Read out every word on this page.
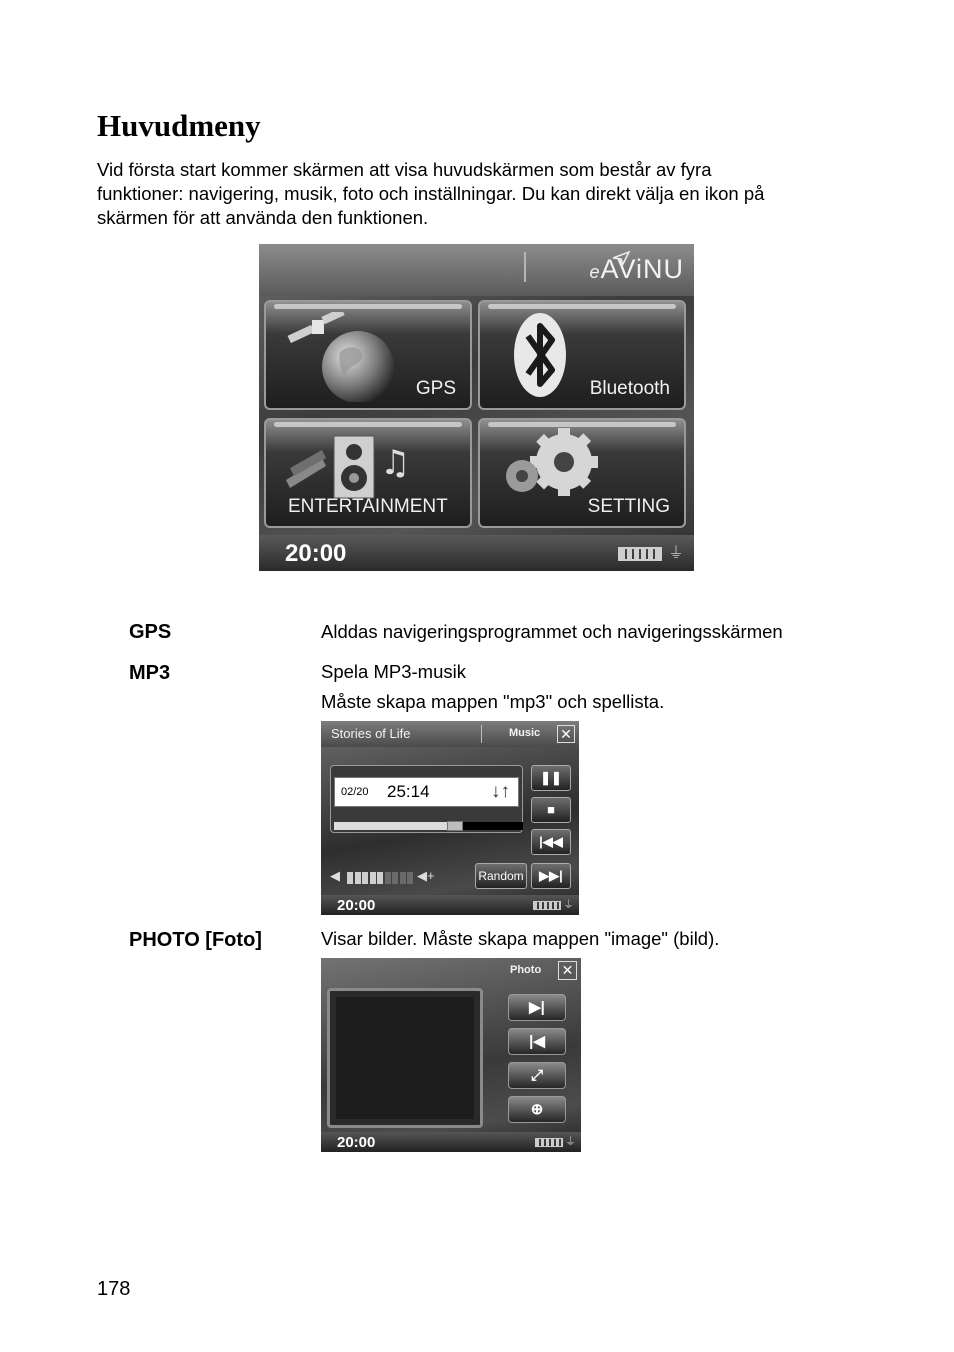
Huvudmeny
Vid första start kommer skärmen att visa huvudskärmen som består av fyra
funktioner: navigering, musik, foto och inställningar. Du kan direkt välja en ikon på
skärmen för att använda den funktionen.
eAViNU
GPS	Bluetooth
♫
ENTERTAINMENT	SETTING
20:00	⏚
GPS	Alddas navigeringsprogrammet och navigeringsskärmen
MP3	Spela MP3-musik
Måste skapa mappen "mp3" och spellista.
Stories of Life	Music ✕
02/20 25:14	↓↑
❚❚
■
|◀◀
▶▶|
Random
◀	◀+
20:00	⏚
PHOTO [Foto]	Visar bilder. Måste skapa mappen "image" (bild).
Photo ✕
▶|
|◀
⤢
⊕
20:00	⏚
178
